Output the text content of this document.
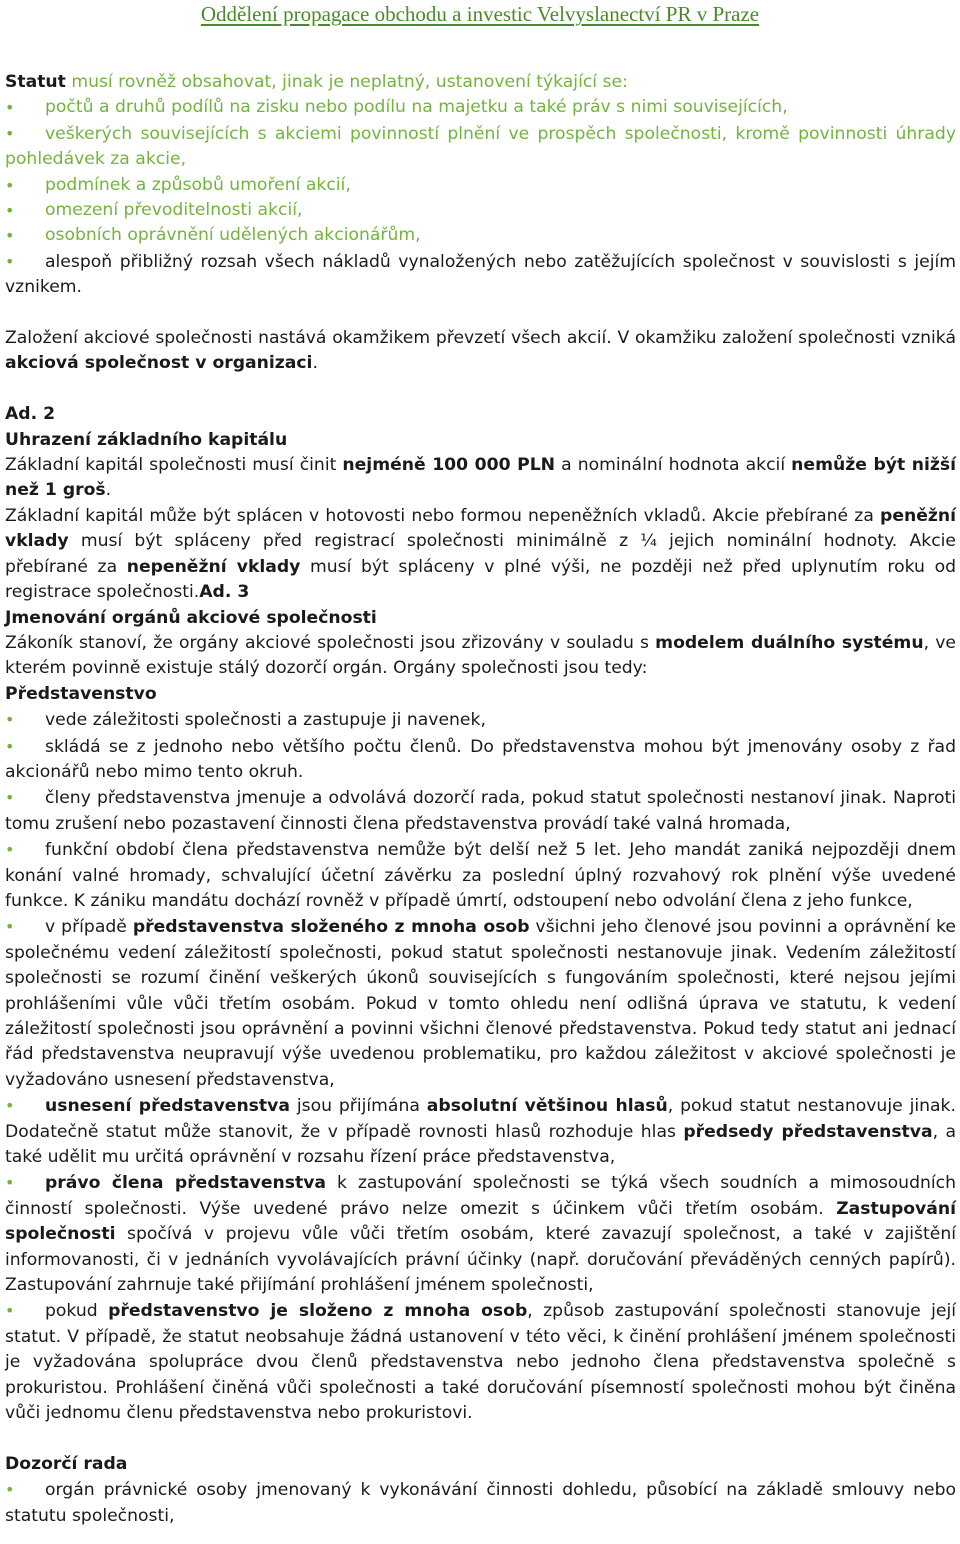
Oddělení propagace obchodu a investic Velvyslanectví PR v Praze

Statut musí rovněž obsahovat, jinak je neplatný, ustanovení týkající se:

• počtů a druhů podílů na zisku nebo podílu na majetku a také práv s nimi souvisejících,
• veškerých souvisejících s akciemi povinností plnění ve prospěch společnosti, kromě povinnosti úhrady pohledávek za akcie,
• podmínek a způsobů umoření akcií,
• omezení převoditelnosti akcií,
• osobních oprávnění udělených akcionářům,
• alespoň přibližný rozsah všech nákladů vynaložených nebo zatěžujících společnost v souvislosti s jejím vznikem.

Založení akciové společnosti nastává okamžikem převzetí všech akcií. V okamžiku založení společnosti vzniká akciová společnost v organizaci.

Ad. 2

Uhrazení základního kapitálu

Základní kapitál společnosti musí činit nejméně 100 000 PLN a nominální hodnota akcií nemůže být nižší než 1 groš.

Základní kapitál může být splácen v hotovosti nebo formou nepeněžních vkladů. Akcie přebírané za peněžní vklady musí být spláceny před registrací společnosti minimálně z ¼ jejich nominální hodnoty. Akcie přebírané za nepeněžní vklady musí být spláceny v plné výši, ne později než před uplynutím roku od registrace společnosti.Ad. 3

Jmenování orgánů akciové společnosti

Zákoník stanoví, že orgány akciové společnosti jsou zřizovány v souladu s modelem duálního systému, ve kterém povinně existuje stálý dozorčí orgán. Orgány společnosti jsou tedy:

Představenstvo

• vede záležitosti společnosti a zastupuje ji navenek,
• skládá se z jednoho nebo většího počtu členů. Do představenstva mohou být jmenovány osoby z řad akcionářů nebo mimo tento okruh.
• členy představenstva jmenuje a odvolává dozorčí rada, pokud statut společnosti nestanoví jinak. Naproti tomu zrušení nebo pozastavení činnosti člena představenstva provádí také valná hromada,
• funkční období člena představenstva nemůže být delší než 5 let. Jeho mandát zaniká nejpozději dnem konání valné hromady, schvalující účetní závěrku za poslední úplný rozvahový rok plnění výše uvedené funkce. K zániku mandátu dochází rovněž v případě úmrtí, odstoupení nebo odvolání člena z jeho funkce,
• v případě představenstva složeného z mnoha osob všichni jeho členové jsou povinni a oprávnění ke společnému vedení záležitostí společnosti, pokud statut společnosti nestanovuje jinak. Vedením záležitostí společnosti se rozumí činění veškerých úkonů souvisejících s fungováním společnosti, které nejsou jejími prohlášeními vůle vůči třetím osobám. Pokud v tomto ohledu není odlišná úprava ve statutu, k vedení záležitostí společnosti jsou oprávnění a povinni všichni členové představenstva. Pokud tedy statut ani jednací řád představenstva neupravují výše uvedenou problematiku, pro každou záležitost v akciové společnosti je vyžadováno usnesení představenstva,
• usnesení představenstva jsou přijímána absolutní většinou hlasů, pokud statut nestanovuje jinak. Dodatečně statut může stanovit, že v případě rovnosti hlasů rozhoduje hlas předsedy představenstva, a také udělit mu určitá oprávnění v rozsahu řízení práce představenstva,
• právo člena představenstva k zastupování společnosti se týká všech soudních a mimosoudních činností společnosti. Výše uvedené právo nelze omezit s účinkem vůči třetím osobám. Zastupování společnosti spočívá v projevu vůle vůči třetím osobám, které zavazují společnost, a také v zajištění informovanosti, či v jednáních vyvolávajících právní účinky (např. doručování převáděných cenných papírů). Zastupování zahrnuje také přijímání prohlášení jménem společnosti,
• pokud představenstvo je složeno z mnoha osob, způsob zastupování společnosti stanovuje její statut. V případě, že statut neobsahuje žádná ustanovení v této věci, k činění prohlášení jménem společnosti je vyžadována spolupráce dvou členů představenstva nebo jednoho člena představenstva společně s prokuristou. Prohlášení činěná vůči společnosti a také doručování písemností společnosti mohou být činěna vůči jednomu členu představenstva nebo prokuristovi.

Dozorčí rada

• orgán právnické osoby jmenovaný k vykonávání činnosti dohledu, působící na základě smlouvy nebo statutu společnosti,
